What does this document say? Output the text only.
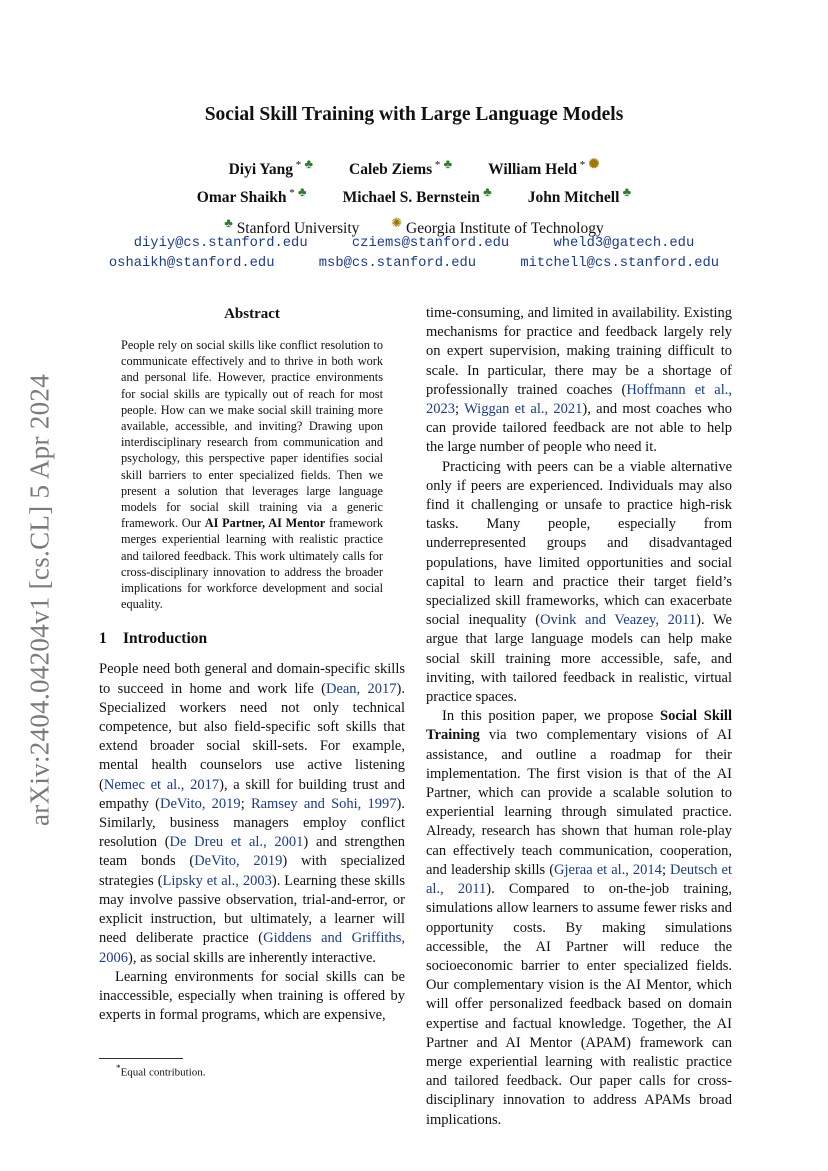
arXiv:2404.04204v1 [cs.CL] 5 Apr 2024
Social Skill Training with Large Language Models
Diyi Yang * ♣ Caleb Ziems * ♣ William Held * ✺
Omar Shaikh * ♣ Michael S. Bernstein ♣ John Mitchell ♣
♣ Stanford University ✺ Georgia Institute of Technology
diyiy@cs.stanford.edu	cziems@stanford.edu	wheld3@gatech.edu
oshaikh@stanford.edu	msb@cs.stanford.edu	mitchell@cs.stanford.edu
Abstract
People rely on social skills like conflict resolution to communicate effectively and to thrive in both work and personal life. However, practice environments for social skills are typically out of reach for most people. How can we make social skill training more available, accessible, and inviting? Drawing upon interdisciplinary research from communication and psychology, this perspective paper identifies social skill barriers to enter specialized fields. Then we present a solution that leverages large language models for social skill training via a generic framework. Our AI Partner, AI Mentor framework merges experiential learning with realistic practice and tailored feedback. This work ultimately calls for cross-disciplinary innovation to address the broader implications for workforce development and social equality.
1 Introduction

People need both general and domain-specific skills to succeed in home and work life (Dean, 2017). Specialized workers need not only technical competence, but also field-specific soft skills that extend broader social skill-sets. For example, mental health counselors use active listening (Nemec et al., 2017), a skill for building trust and empathy (DeVito, 2019; Ramsey and Sohi, 1997). Similarly, business managers employ conflict resolution (De Dreu et al., 2001) and strengthen team bonds (DeVito, 2019) with specialized strategies (Lipsky et al., 2003). Learning these skills may involve passive observation, trial-and-error, or explicit instruction, but ultimately, a learner will need deliberate practice (Giddens and Griffiths, 2006), as social skills are inherently interactive.

Learning environments for social skills can be inaccessible, especially when training is offered by experts in formal programs, which are expensive,

time-consuming, and limited in availability. Existing mechanisms for practice and feedback largely rely on expert supervision, making training difficult to scale. In particular, there may be a shortage of professionally trained coaches (Hoffmann et al., 2023; Wiggan et al., 2021), and most coaches who can provide tailored feedback are not able to help the large number of people who need it.

Practicing with peers can be a viable alternative only if peers are experienced. Individuals may also find it challenging or unsafe to practice high-risk tasks. Many people, especially from underrepresented groups and disadvantaged populations, have limited opportunities and social capital to learn and practice their target field’s specialized skill frameworks, which can exacerbate social inequality (Ovink and Veazey, 2011). We argue that large language models can help make social skill training more accessible, safe, and inviting, with tailored feedback in realistic, virtual practice spaces.

In this position paper, we propose Social Skill Training via two complementary visions of AI assistance, and outline a roadmap for their implementation. The first vision is that of the AI Partner, which can provide a scalable solution to experiential learning through simulated practice. Already, research has shown that human role-play can effectively teach communication, cooperation, and leadership skills (Gjeraa et al., 2014; Deutsch et al., 2011). Compared to on-the-job training, simulations allow learners to assume fewer risks and opportunity costs. By making simulations accessible, the AI Partner will reduce the socioeconomic barrier to enter specialized fields. Our complementary vision is the AI Mentor, which will offer personalized feedback based on domain expertise and factual knowledge. Together, the AI Partner and AI Mentor (APAM) framework can merge experiential learning with realistic practice and tailored feedback. Our paper calls for cross-disciplinary innovation to address APAMs broad implications.

*Equal contribution.
